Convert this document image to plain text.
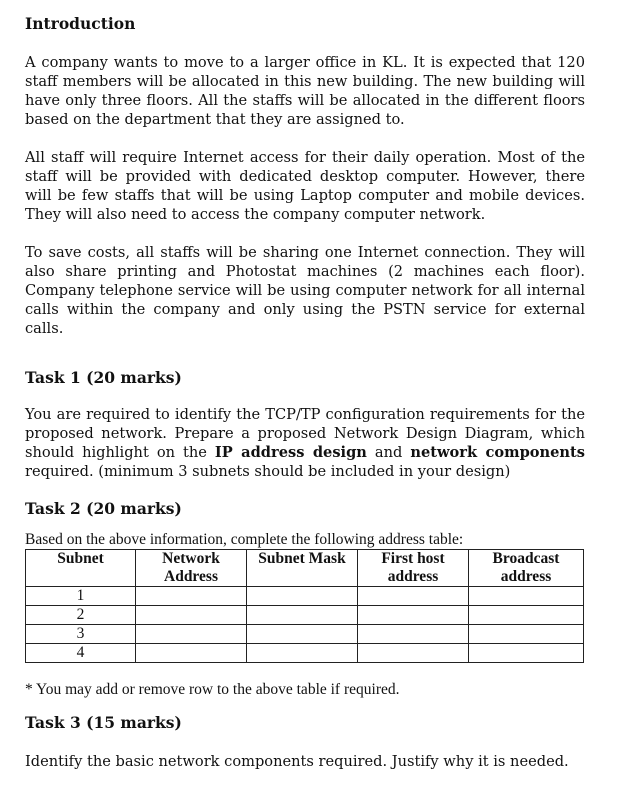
Introduction

A company wants to move to a larger office in KL. It is expected that 120 staff members will be allocated in this new building. The new building will have only three floors. All the staffs will be allocated in the different floors based on the department that they are assigned to.

All staff will require Internet access for their daily operation. Most of the staff will be provided with dedicated desktop computer. However, there will be few staffs that will be using Laptop computer and mobile devices. They will also need to access the company computer network.

To save costs, all staffs will be sharing one Internet connection. They will also share printing and Photostat machines (2 machines each floor). Company telephone service will be using computer network for all internal calls within the company and only using the PSTN service for external calls.

Task 1 (20 marks)

You are required to identify the TCP/TP configuration requirements for the proposed network. Prepare a proposed Network Design Diagram, which should highlight on the IP address design and network components required. (minimum 3 subnets should be included in your design)

Task 2 (20 marks)

Based on the above information, complete the following address table:

Subnet	Network Address	Subnet Mask	First host address	Broadcast address
1				
2				
3				
4				

* You may add or remove row to the above table if required.

Task 3 (15 marks)

Identify the basic network components required. Justify why it is needed.
